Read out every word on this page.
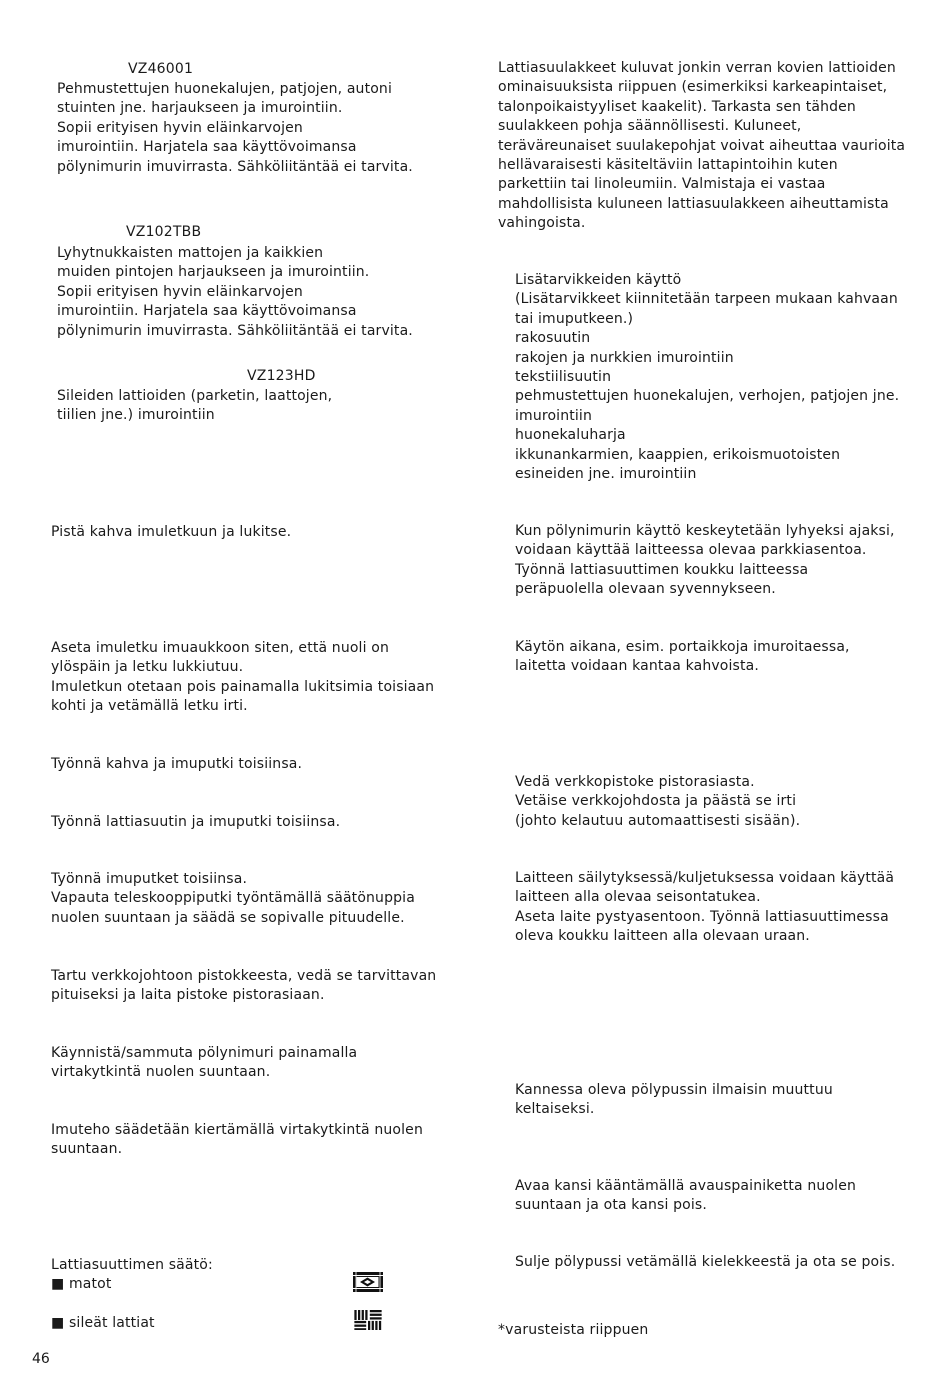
VZ46001
Pehmustettujen huonekalujen, patjojen, autoni
stuinten jne. harjaukseen ja imurointiin.
Sopii erityisen hyvin eläinkarvojen
imurointiin. Harjatela saa käyttövoimansa
pölynimurin imuvirrasta. Sähköliitäntää ei tarvita.
VZ102TBB
Lyhytnukkaisten mattojen ja kaikkien
muiden pintojen harjaukseen ja imurointiin.
Sopii erityisen hyvin eläinkarvojen
imurointiin. Harjatela saa käyttövoimansa
pölynimurin imuvirrasta. Sähköliitäntää ei tarvita.
VZ123HD
Sileiden lattioiden (parketin, laattojen,
tiilien jne.) imurointiin
Pistä kahva imuletkuun ja lukitse.
Aseta imuletku imuaukkoon siten, että nuoli on
ylöspäin ja letku lukkiutuu.
Imuletkun otetaan pois painamalla lukitsimia toisiaan
kohti ja vetämällä letku irti.
Työnnä kahva ja imuputki toisiinsa.
Työnnä lattiasuutin ja imuputki toisiinsa.
Työnnä imuputket toisiinsa.
Vapauta teleskooppiputki työntämällä säätönuppia
nuolen suuntaan ja säädä se sopivalle pituudelle.
Tartu verkkojohtoon pistokkeesta, vedä se tarvittavan
pituiseksi ja laita pistoke pistorasiaan.
Käynnistä/sammuta pölynimuri painamalla
virtakytkintä nuolen suuntaan.
Imuteho säädetään kiertämällä virtakytkintä nuolen
suuntaan.
Lattiasuuttimen säätö:
■ matot
■ sileät lattiat
Lattiasuulakkeet kuluvat jonkin verran kovien lattioiden
ominaisuuksista riippuen (esimerkiksi karkeapintaiset,
talonpoikaistyyliset kaakelit). Tarkasta sen tähden
suulakkeen pohja säännöllisesti. Kuluneet,
teräväreunaiset suulakepohjat voivat aiheuttaa vaurioita
hellävaraisesti käsiteltäviin lattapintoihin kuten
parkettiin tai linoleumiin. Valmistaja ei vastaa
mahdollisista kuluneen lattiasuulakkeen aiheuttamista
vahingoista.
Lisätarvikkeiden käyttö
(Lisätarvikkeet kiinnitetään tarpeen mukaan kahvaan
tai imuputkeen.)
rakosuutin
rakojen ja nurkkien imurointiin
tekstiilisuutin
pehmustettujen huonekalujen, verhojen, patjojen jne.
imurointiin
huonekaluharja
ikkunankarmien, kaappien, erikoismuotoisten
esineiden jne. imurointiin
Kun pölynimurin käyttö keskeytetään lyhyeksi ajaksi,
voidaan käyttää laitteessa olevaa parkkiasentoa.
Työnnä lattiasuuttimen koukku laitteessa
peräpuolella olevaan syvennykseen.
Käytön aikana, esim. portaikkoja imuroitaessa,
laitetta voidaan kantaa kahvoista.
Vedä verkkopistoke pistorasiasta.
Vetäise verkkojohdosta ja päästä se irti
(johto kelautuu automaattisesti sisään).
Laitteen säilytyksessä/kuljetuksessa voidaan käyttää
laitteen alla olevaa seisontatukea.
Aseta laite pystyasentoon. Työnnä lattiasuuttimessa
oleva koukku laitteen alla olevaan uraan.
Kannessa oleva pölypussin ilmaisin muuttuu
keltaiseksi.
Avaa kansi kääntämällä avauspainiketta nuolen
suuntaan ja ota kansi pois.
Sulje pölypussi vetämällä kielekkeestä ja ota se pois.
*varusteista riippuen
46
